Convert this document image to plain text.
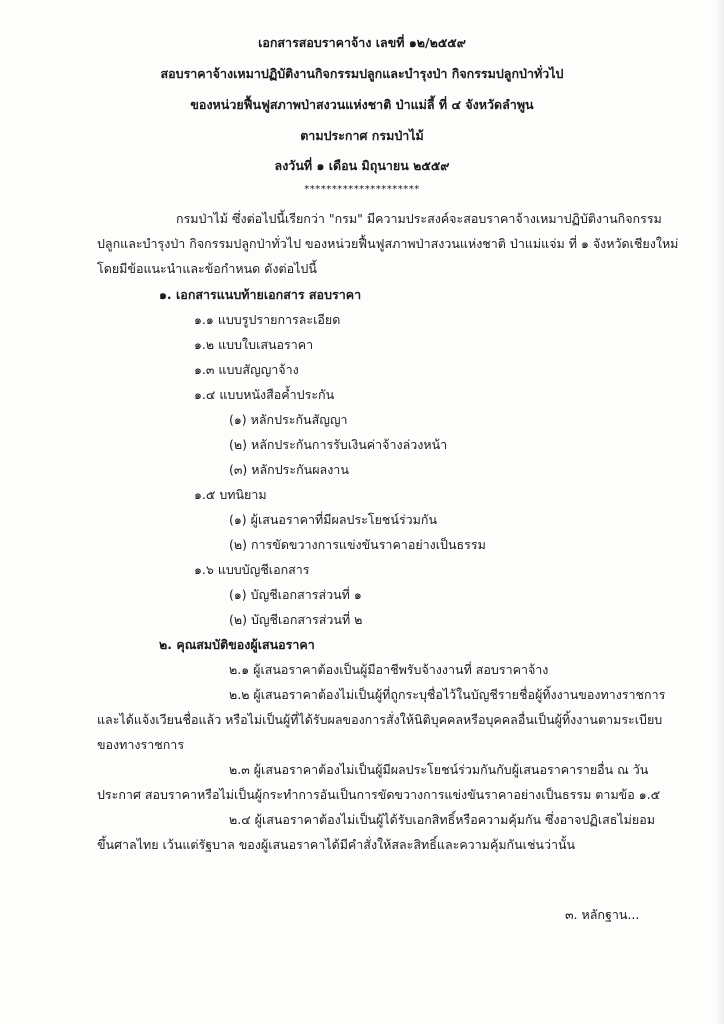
เอกสารสอบราคาจ้าง เลขที่ ๑๒/๒๕๕๙
สอบราคาจ้างเหมาปฏิบัติงานกิจกรรมปลูกและบำรุงป่า กิจกรรมปลูกป่าทั่วไป
ของหน่วยฟื้นฟูสภาพป่าสงวนแห่งชาติ ป่าแม่ลี้ ที่ ๔ จังหวัดลำพูน
ตามประกาศ กรมป่าไม้
ลงวันที่ ๑ เดือน มิถุนายน ๒๕๕๙
*********************
กรมป่าไม้ ซึ่งต่อไปนี้เรียกว่า "กรม" มีความประสงค์จะสอบราคาจ้างเหมาปฏิบัติงานกิจกรรม
ปลูกและบำรุงป่า กิจกรรมปลูกป่าทั่วไป ของหน่วยฟื้นฟูสภาพป่าสงวนแห่งชาติ ป่าแม่แจ่ม ที่ ๑ จังหวัดเชียงใหม่
โดยมีข้อแนะนำและข้อกำหนด ดังต่อไปนี้
๑. เอกสารแนบท้ายเอกสาร สอบราคา
๑.๑ แบบรูปรายการละเอียด
๑.๒ แบบใบเสนอราคา
๑.๓ แบบสัญญาจ้าง
๑.๔ แบบหนังสือค้ำประกัน
(๑) หลักประกันสัญญา
(๒) หลักประกันการรับเงินค่าจ้างล่วงหน้า
(๓) หลักประกันผลงาน
๑.๕ บทนิยาม
(๑) ผู้เสนอราคาที่มีผลประโยชน์ร่วมกัน
(๒) การขัดขวางการแข่งขันราคาอย่างเป็นธรรม
๑.๖ แบบบัญชีเอกสาร
(๑) บัญชีเอกสารส่วนที่ ๑
(๒) บัญชีเอกสารส่วนที่ ๒
๒. คุณสมบัติของผู้เสนอราคา
๒.๑ ผู้เสนอราคาต้องเป็นผู้มีอาชีพรับจ้างงานที่ สอบราคาจ้าง
๒.๒ ผู้เสนอราคาต้องไม่เป็นผู้ที่ถูกระบุชื่อไว้ในบัญชีรายชื่อผู้ทิ้งงานของทางราชการ
และได้แจ้งเวียนชื่อแล้ว หรือไม่เป็นผู้ที่ได้รับผลของการสั่งให้นิติบุคคลหรือบุคคลอื่นเป็นผู้ทิ้งงานตามระเบียบ
ของทางราชการ
๒.๓ ผู้เสนอราคาต้องไม่เป็นผู้มีผลประโยชน์ร่วมกันกับผู้เสนอราคารายอื่น ณ วัน
ประกาศ สอบราคาหรือไม่เป็นผู้กระทำการอันเป็นการขัดขวางการแข่งขันราคาอย่างเป็นธรรม ตามข้อ ๑.๕
๒.๔ ผู้เสนอราคาต้องไม่เป็นผู้ได้รับเอกสิทธิ์หรือความคุ้มกัน ซึ่งอาจปฏิเสธไม่ยอม
ขึ้นศาลไทย เว้นแต่รัฐบาล ของผู้เสนอราคาได้มีคำสั่งให้สละสิทธิ์และความคุ้มกันเช่นว่านั้น
๓. หลักฐาน...
